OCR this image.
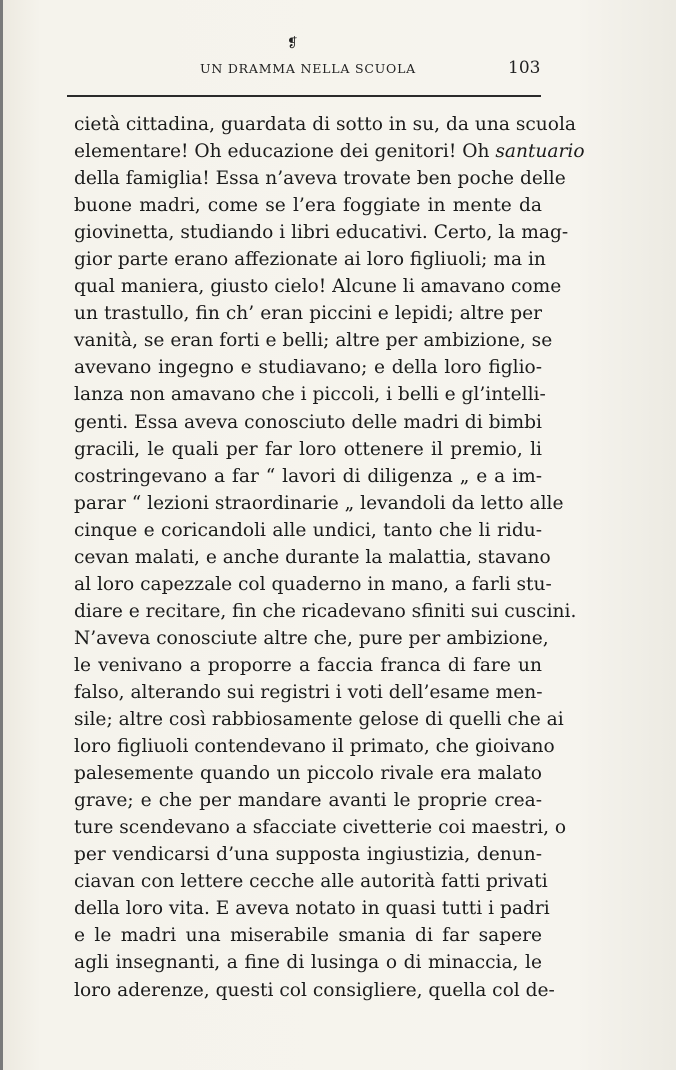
❡
UN DRAMMA NELLA SCUOLA	103
cietà cittadina, guardata di sotto in su, da una scuola
elementare! Oh educazione dei genitori! Oh santuario
della famiglia! Essa n’aveva trovate ben poche delle
buone madri, come se l’era foggiate in mente da
giovinetta, studiando i libri educativi. Certo, la mag-
gior parte erano affezionate ai loro figliuoli; ma in
qual maniera, giusto cielo! Alcune li amavano come
un trastullo, fin ch’ eran piccini e lepidi; altre per
vanità, se eran forti e belli; altre per ambizione, se
avevano ingegno e studiavano; e della loro figlio-
lanza non amavano che i piccoli, i belli e gl’intelli-
genti. Essa aveva conosciuto delle madri di bimbi
gracili, le quali per far loro ottenere il premio, li
costringevano a far “ lavori di diligenza „ e a im-
parar “ lezioni straordinarie „ levandoli da letto alle
cinque e coricandoli alle undici, tanto che li ridu-
cevan malati, e anche durante la malattia, stavano
al loro capezzale col quaderno in mano, a farli stu-
diare e recitare, fin che ricadevano sfiniti sui cuscini.
N’aveva conosciute altre che, pure per ambizione,
le venivano a proporre a faccia franca di fare un
falso, alterando sui registri i voti dell’esame men-
sile; altre così rabbiosamente gelose di quelli che ai
loro figliuoli contendevano il primato, che gioivano
palesemente quando un piccolo rivale era malato
grave; e che per mandare avanti le proprie crea-
ture scendevano a sfacciate civetterie coi maestri, o
per vendicarsi d’una supposta ingiustizia, denun-
ciavan con lettere cecche alle autorità fatti privati
della loro vita. E aveva notato in quasi tutti i padri
e le madri una miserabile smania di far sapere
agli insegnanti, a fine di lusinga o di minaccia, le
loro aderenze, questi col consigliere, quella col de-
